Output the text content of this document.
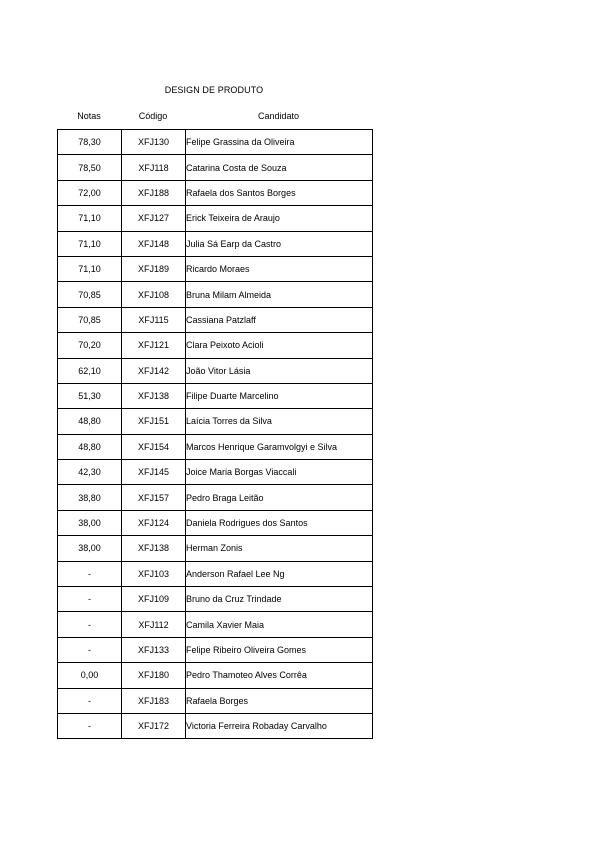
DESIGN DE PRODUTO
Notas	Código	Candidato
78,30	XFJ130	Felipe Grassina da Oliveira
78,50	XFJ118	Catarina Costa de Souza
72,00	XFJ188	Rafaela dos Santos Borges
71,10	XFJ127	Erick Teixeira de Araujo
71,10	XFJ148	Julia Sá Earp da Castro
71,10	XFJ189	Ricardo Moraes
70,85	XFJ108	Bruna Milam Almeida
70,85	XFJ115	Cassiana Patzlaff
70,20	XFJ121	Clara Peixoto Acioli
62,10	XFJ142	João Vitor Lásia
51,30	XFJ138	Filipe Duarte Marcelino
48,80	XFJ151	Laícia Torres da Silva
48,80	XFJ154	Marcos Henrique Garamvolgyi e Silva
42,30	XFJ145	Joice Maria Borgas Viaccali
38,80	XFJ157	Pedro Braga Leitão
38,00	XFJ124	Daniela Rodrigues dos Santos
38,00	XFJ138	Herman Zonis
-	XFJ103	Anderson Rafael Lee Ng
-	XFJ109	Bruno da Cruz Trindade
-	XFJ112	Camila Xavier Maia
-	XFJ133	Felipe Ribeiro Oliveira Gomes
0,00	XFJ180	Pedro Thamoteo Alves Corrêa
-	XFJ183	Rafaela Borges
-	XFJ172	Victoria Ferreira Robaday Carvalho
